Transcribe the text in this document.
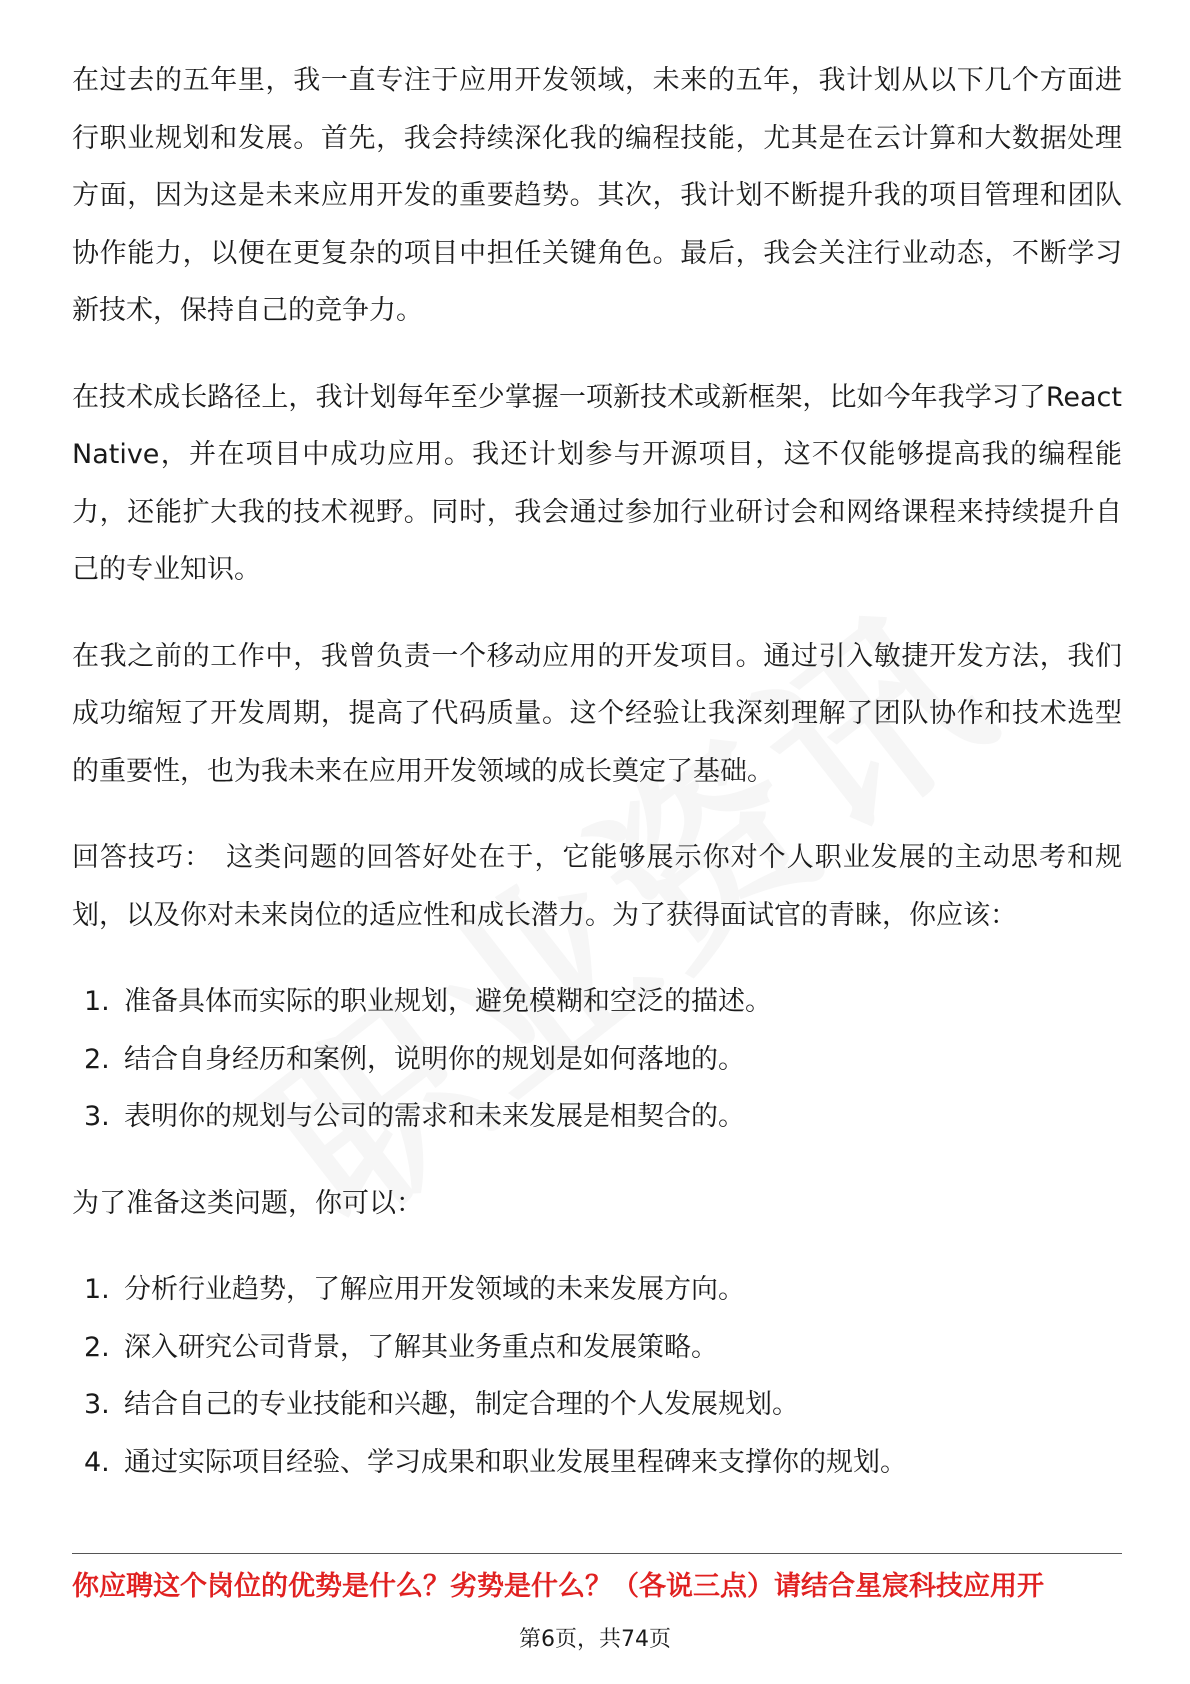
在过去的五年里，我一直专注于应用开发领域，未来的五年，我计划从以下几个方面进行职业规划和发展。首先，我会持续深化我的编程技能，尤其是在云计算和大数据处理方面，因为这是未来应用开发的重要趋势。其次，我计划不断提升我的项目管理和团队协作能力，以便在更复杂的项目中担任关键角色。最后，我会关注行业动态，不断学习新技术，保持自己的竞争力。

在技术成长路径上，我计划每年至少掌握一项新技术或新框架，比如今年我学习了React Native，并在项目中成功应用。我还计划参与开源项目，这不仅能够提高我的编程能力，还能扩大我的技术视野。同时，我会通过参加行业研讨会和网络课程来持续提升自己的专业知识。

在我之前的工作中，我曾负责一个移动应用的开发项目。通过引入敏捷开发方法，我们成功缩短了开发周期，提高了代码质量。这个经验让我深刻理解了团队协作和技术选型的重要性，也为我未来在应用开发领域的成长奠定了基础。

回答技巧： 这类问题的回答好处在于，它能够展示你对个人职业发展的主动思考和规划，以及你对未来岗位的适应性和成长潜力。为了获得面试官的青睐，你应该：

1. 准备具体而实际的职业规划，避免模糊和空泛的描述。
2. 结合自身经历和案例，说明你的规划是如何落地的。
3. 表明你的规划与公司的需求和未来发展是相契合的。

为了准备这类问题，你可以：

1. 分析行业趋势，了解应用开发领域的未来发展方向。
2. 深入研究公司背景，了解其业务重点和发展策略。
3. 结合自己的专业技能和兴趣，制定合理的个人发展规划。
4. 通过实际项目经验、学习成果和职业发展里程碑来支撑你的规划。
你应聘这个岗位的优势是什么？劣势是什么？（各说三点）请结合星宸科技应用开
第6页，共74页
